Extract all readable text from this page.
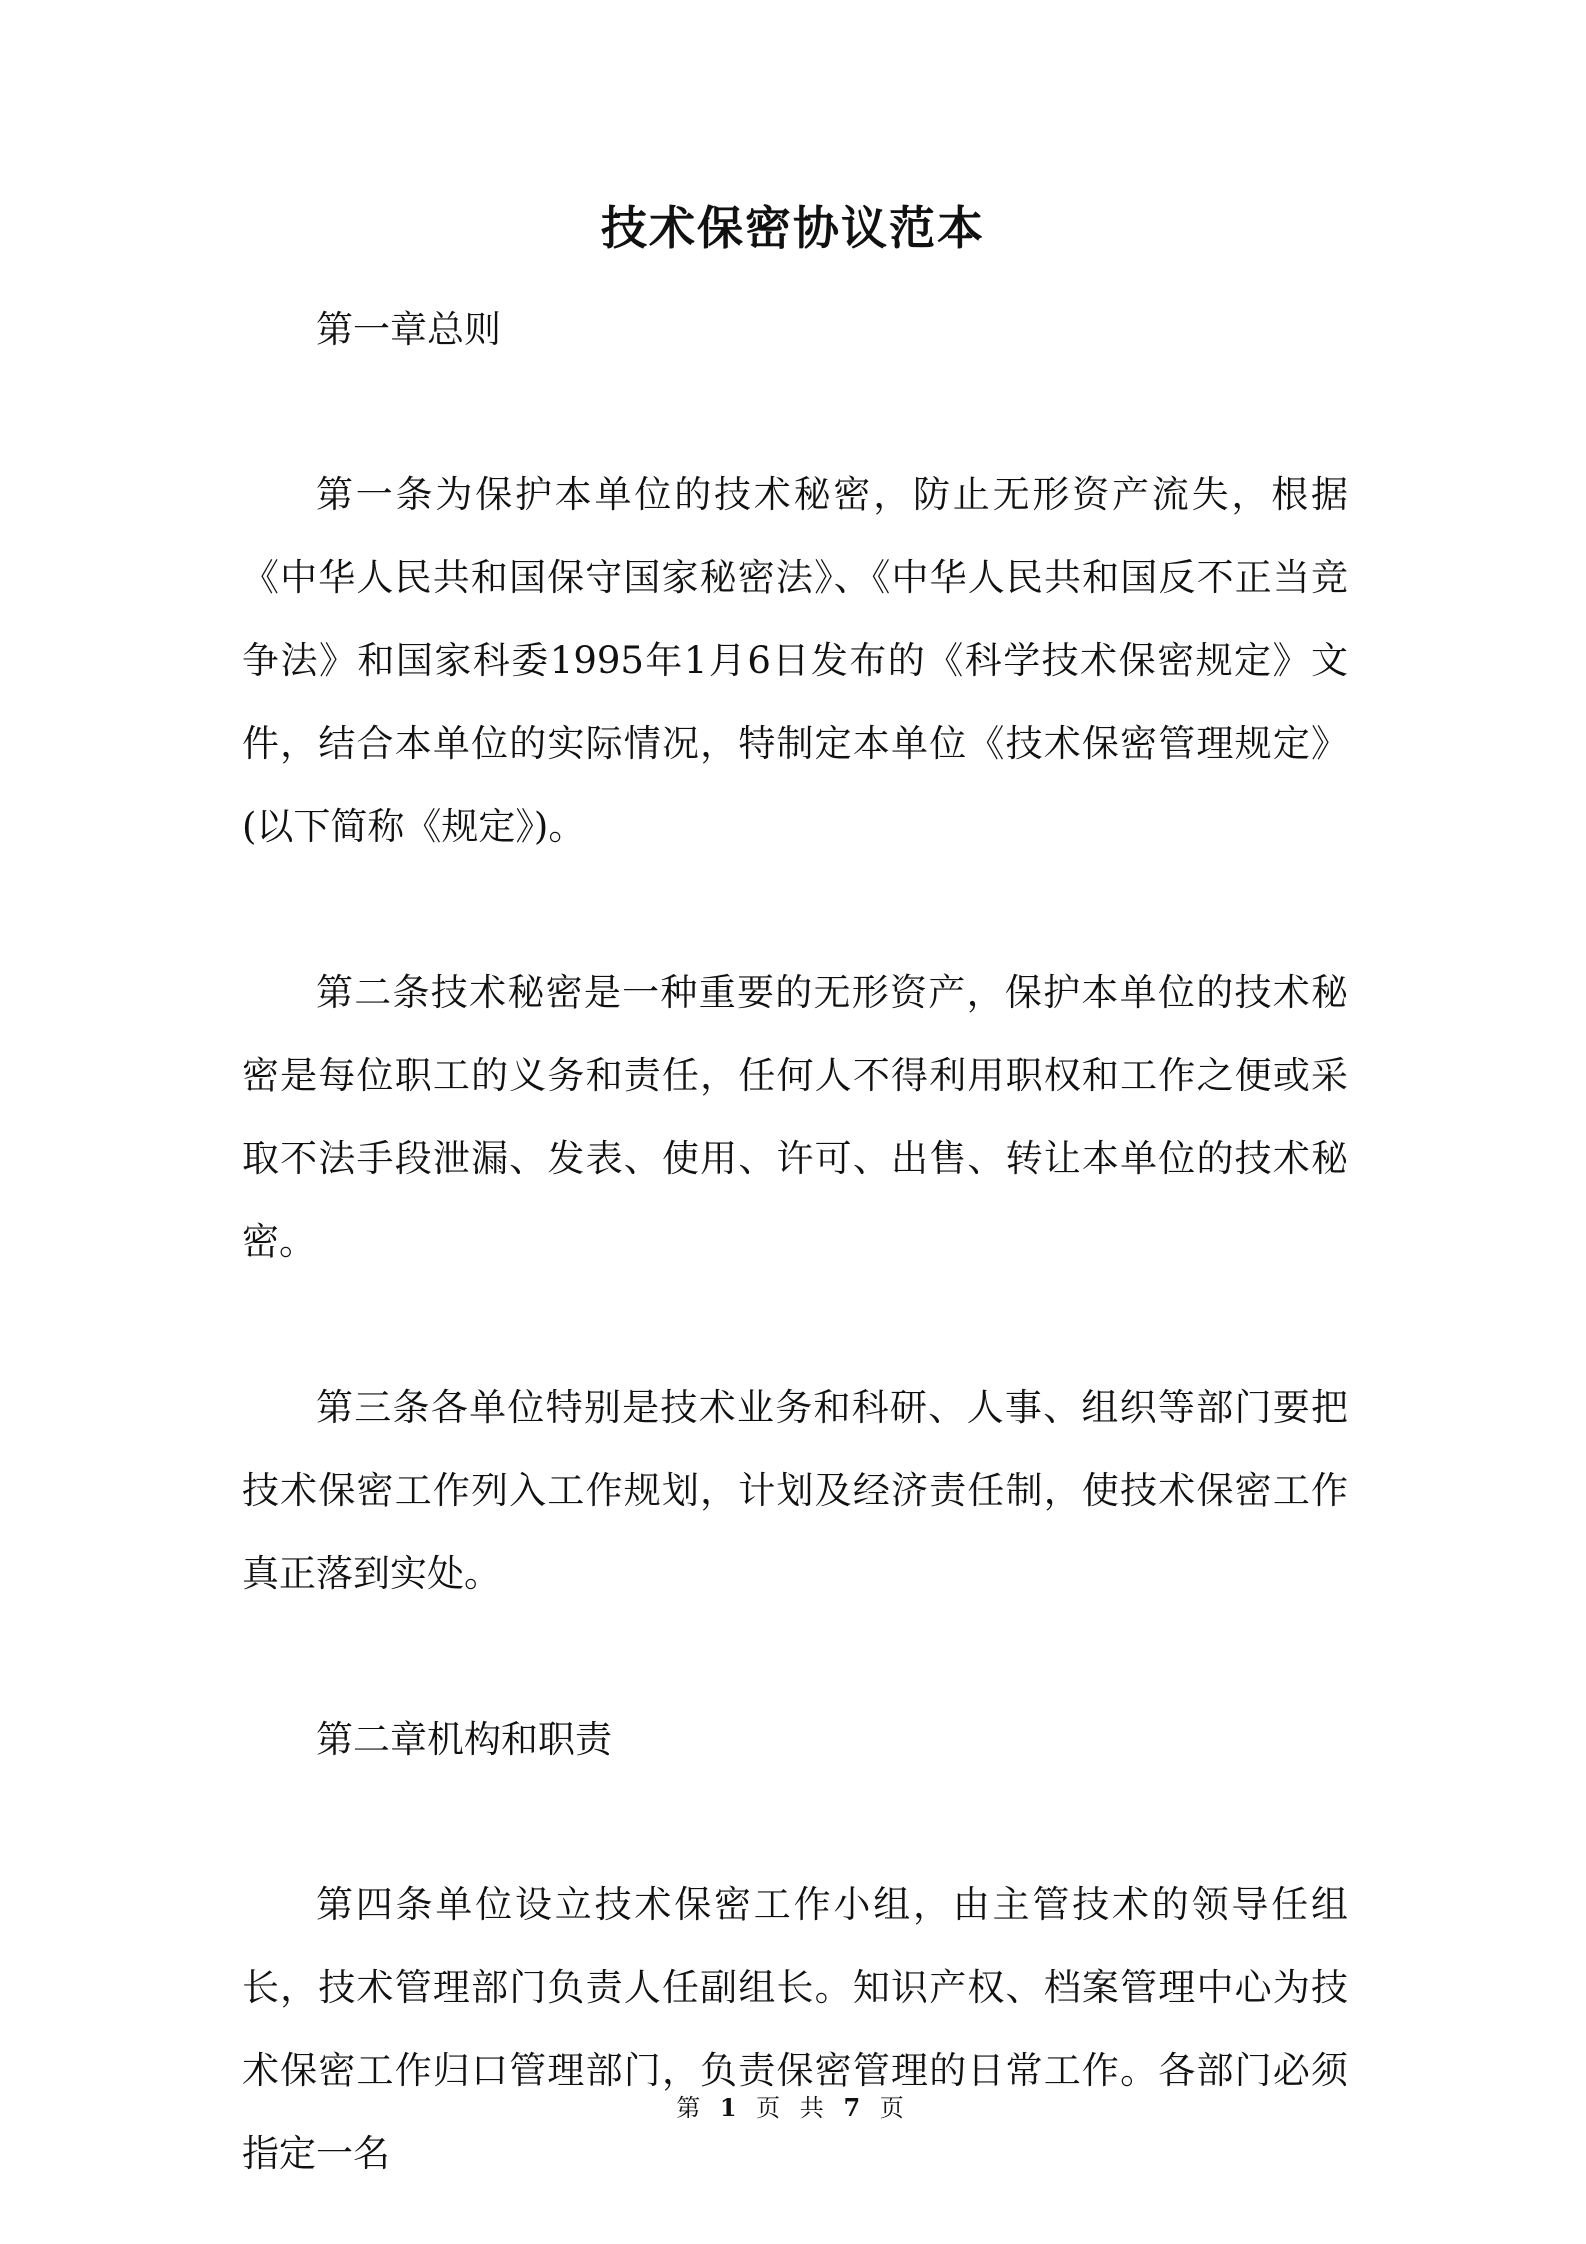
技术保密协议范本

第一章总则

第一条为保护本单位的技术秘密，防止无形资产流失，根据《中华人民共和国保守国家秘密法》、《中华人民共和国反不正当竞争法》和国家科委1995年1月6日发布的《科学技术保密规定》文件，结合本单位的实际情况，特制定本单位《技术保密管理规定》(以下简称《规定》)。

第二条技术秘密是一种重要的无形资产，保护本单位的技术秘密是每位职工的义务和责任，任何人不得利用职权和工作之便或采取不法手段泄漏、发表、使用、许可、出售、转让本单位的技术秘密。

第三条各单位特别是技术业务和科研、人事、组织等部门要把技术保密工作列入工作规划，计划及经济责任制，使技术保密工作真正落到实处。

第二章机构和职责

第四条单位设立技术保密工作小组，由主管技术的领导任组长，技术管理部门负责人任副组长。知识产权、档案管理中心为技术保密工作归口管理部门，负责保密管理的日常工作。各部门必须指定一名

第 1 页 共 7 页
